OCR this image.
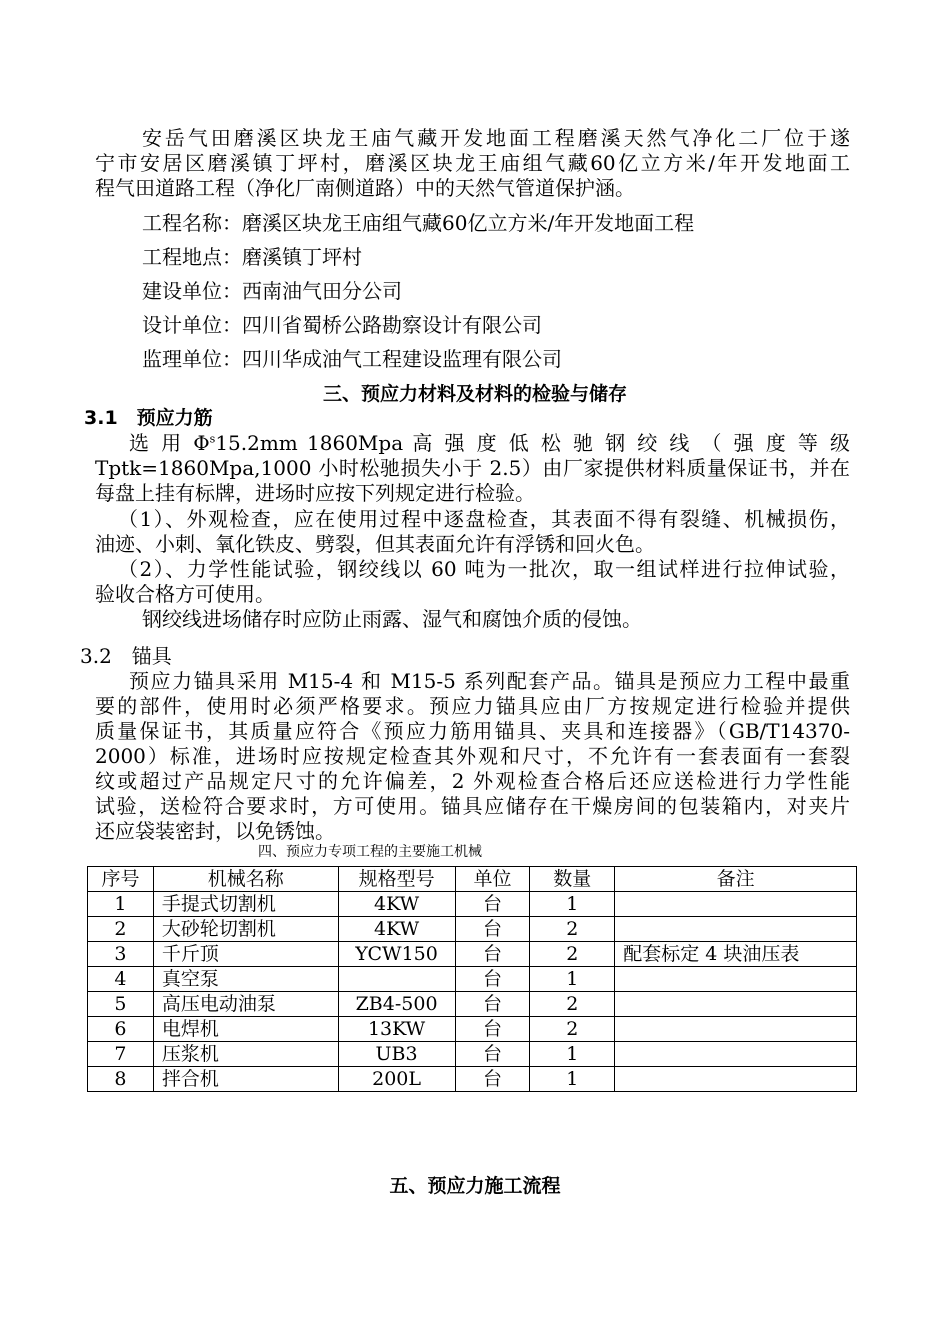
安岳气田磨溪区块龙王庙气藏开发地面工程磨溪天然气净化二厂位于遂
宁市安居区磨溪镇丁坪村，磨溪区块龙王庙组气藏60亿立方米/年开发地面工
程气田道路工程（净化厂南侧道路）中的天然气管道保护涵。
工程名称：磨溪区块龙王庙组气藏60亿立方米/年开发地面工程
工程地点：磨溪镇丁坪村
建设单位：西南油气田分公司
设计单位：四川省蜀桥公路勘察设计有限公司
监理单位：四川华成油气工程建设监理有限公司
三、预应力材料及材料的检验与储存
3.1　预应力筋
选 用 $\Phi^s15.2mm$ 1860Mpa 高 强 度 低 松 驰 钢 绞 线 （ 强 度 等 级
Tptk=1860Mpa,1000 小时松驰损失小于 2.5）由厂家提供材料质量保证书，并在
每盘上挂有标牌，进场时应按下列规定进行检验。
（1）、外观检查，应在使用过程中逐盘检查，其表面不得有裂缝、机械损伤，
油迹、小刺、氧化铁皮、劈裂，但其表面允许有浮锈和回火色。
（2）、力学性能试验，钢绞线以 60 吨为一批次，取一组试样进行拉伸试验，
验收合格方可使用。
钢绞线进场储存时应防止雨露、湿气和腐蚀介质的侵蚀。
3.2　锚具
预应力锚具采用 M15-4 和 M15-5 系列配套产品。锚具是预应力工程中最重
要的部件，使用时必须严格要求。预应力锚具应由厂方按规定进行检验并提供
质量保证书，其质量应符合《预应力筋用锚具、夹具和连接器》（GB/T14370-
2000）标准，进场时应按规定检查其外观和尺寸，不允许有一套表面有一套裂
纹或超过产品规定尺寸的允许偏差，2 外观检查合格后还应送检进行力学性能
试验，送检符合要求时，方可使用。锚具应储存在干燥房间的包装箱内，对夹片
还应袋装密封，以免锈蚀。
四、预应力专项工程的主要施工机械
序号	机械名称	规格型号	单位	数量	备注
1	手提式切割机	4KW	台	1	
2	大砂轮切割机	4KW	台	2	
3	千斤顶	YCW150	台	2	配套标定 4 块油压表
4	真空泵		台	1	
5	高压电动油泵	ZB4-500	台	2	
6	电焊机	13KW	台	2	
7	压浆机	UB3	台	1	
8	拌合机	200L	台	1	
五、预应力施工流程
